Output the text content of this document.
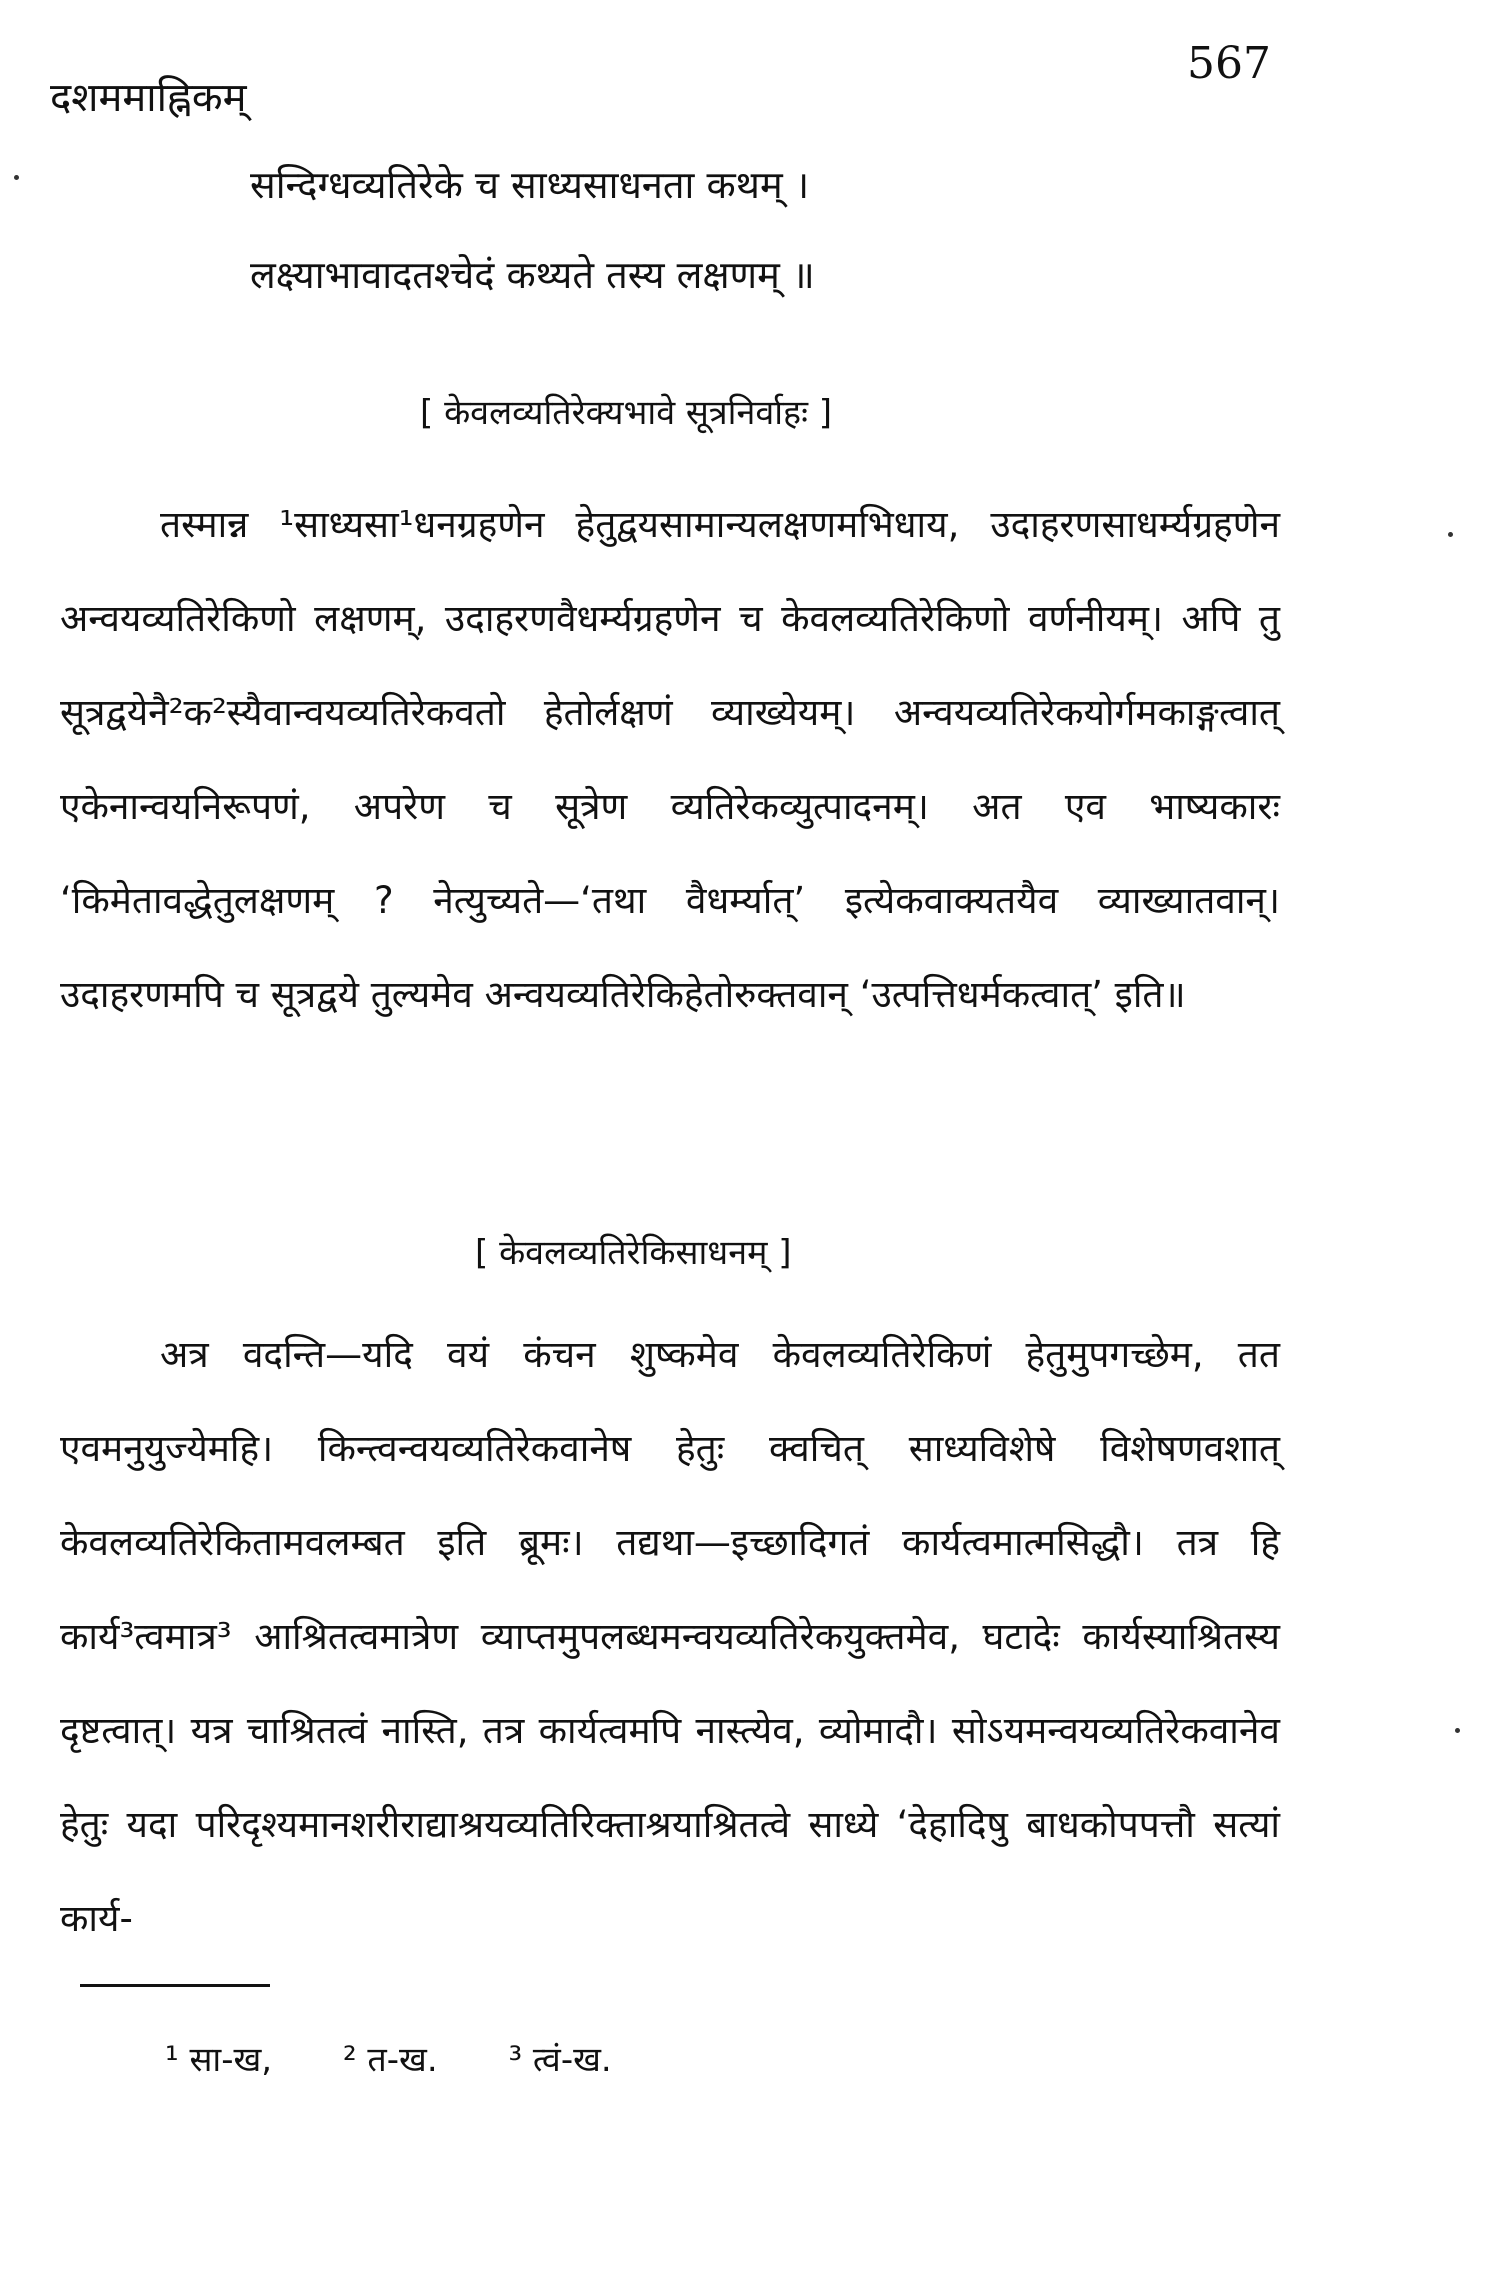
दशममाह्निकम्
567
सन्दिग्धव्यतिरेके च साध्यसाधनता कथम् ।
लक्ष्याभावादतश्चेदं कथ्यते तस्य लक्षणम् ॥
[ केवलव्यतिरेक्यभावे सूत्रनिर्वाहः ]

तस्मान्न ¹साध्यसा¹धनग्रहणेन हेतुद्वयसामान्यलक्षणमभिधाय, उदाहरणसाधर्म्यग्रहणेन अन्वयव्यतिरेकिणो लक्षणम्, उदाहरणवैधर्म्यग्रहणेन च केवलव्यतिरेकिणो वर्णनीयम्। अपि तु सूत्रद्वयेनै²क²स्यैवान्वयव्यतिरेकवतो हेतोर्लक्षणं व्याख्येयम्। अन्वयव्यतिरेकयोर्गमकाङ्गत्वात् एकेनान्वयनिरूपणं, अपरेण च सूत्रेण व्यतिरेकव्युत्पादनम्। अत एव भाष्यकारः ‘किमेतावद्धेतुलक्षणम् ? नेत्युच्यते—‘तथा वैधर्म्यात्’ इत्येकवाक्यतयैव व्याख्यातवान्। उदाहरणमपि च सूत्रद्वये तुल्यमेव अन्वयव्यतिरेकिहेतोरुक्तवान् ‘उत्पत्तिधर्मकत्वात्’ इति॥

[ केवलव्यतिरेकिसाधनम् ]

अत्र वदन्ति—यदि वयं कंचन शुष्कमेव केवलव्यतिरेकिणं हेतुमुपगच्छेम, तत एवमनुयुज्येमहि। किन्त्वन्वयव्यतिरेकवानेष हेतुः क्वचित् साध्यविशेषे विशेषणवशात् केवलव्यतिरेकितामवलम्बत इति ब्रूमः। तद्यथा—इच्छादिगतं कार्यत्वमात्मसिद्धौ। तत्र हि कार्य³त्वमात्र³ आश्रितत्वमात्रेण व्याप्तमुपलब्धमन्वयव्यतिरेकयुक्तमेव, घटादेः कार्यस्याश्रितस्य दृष्टत्वात्। यत्र चाश्रितत्वं नास्ति, तत्र कार्यत्वमपि नास्त्येव, व्योमादौ। सोऽयमन्वयव्यतिरेकवानेव हेतुः यदा परिदृश्यमानशरीराद्याश्रयव्यतिरिक्ताश्रयाश्रितत्वे साध्ये ‘देहादिषु बाधकोपपत्तौ सत्यां कार्य-

¹ सा-ख, ² त-ख. ³ त्वं-ख.
